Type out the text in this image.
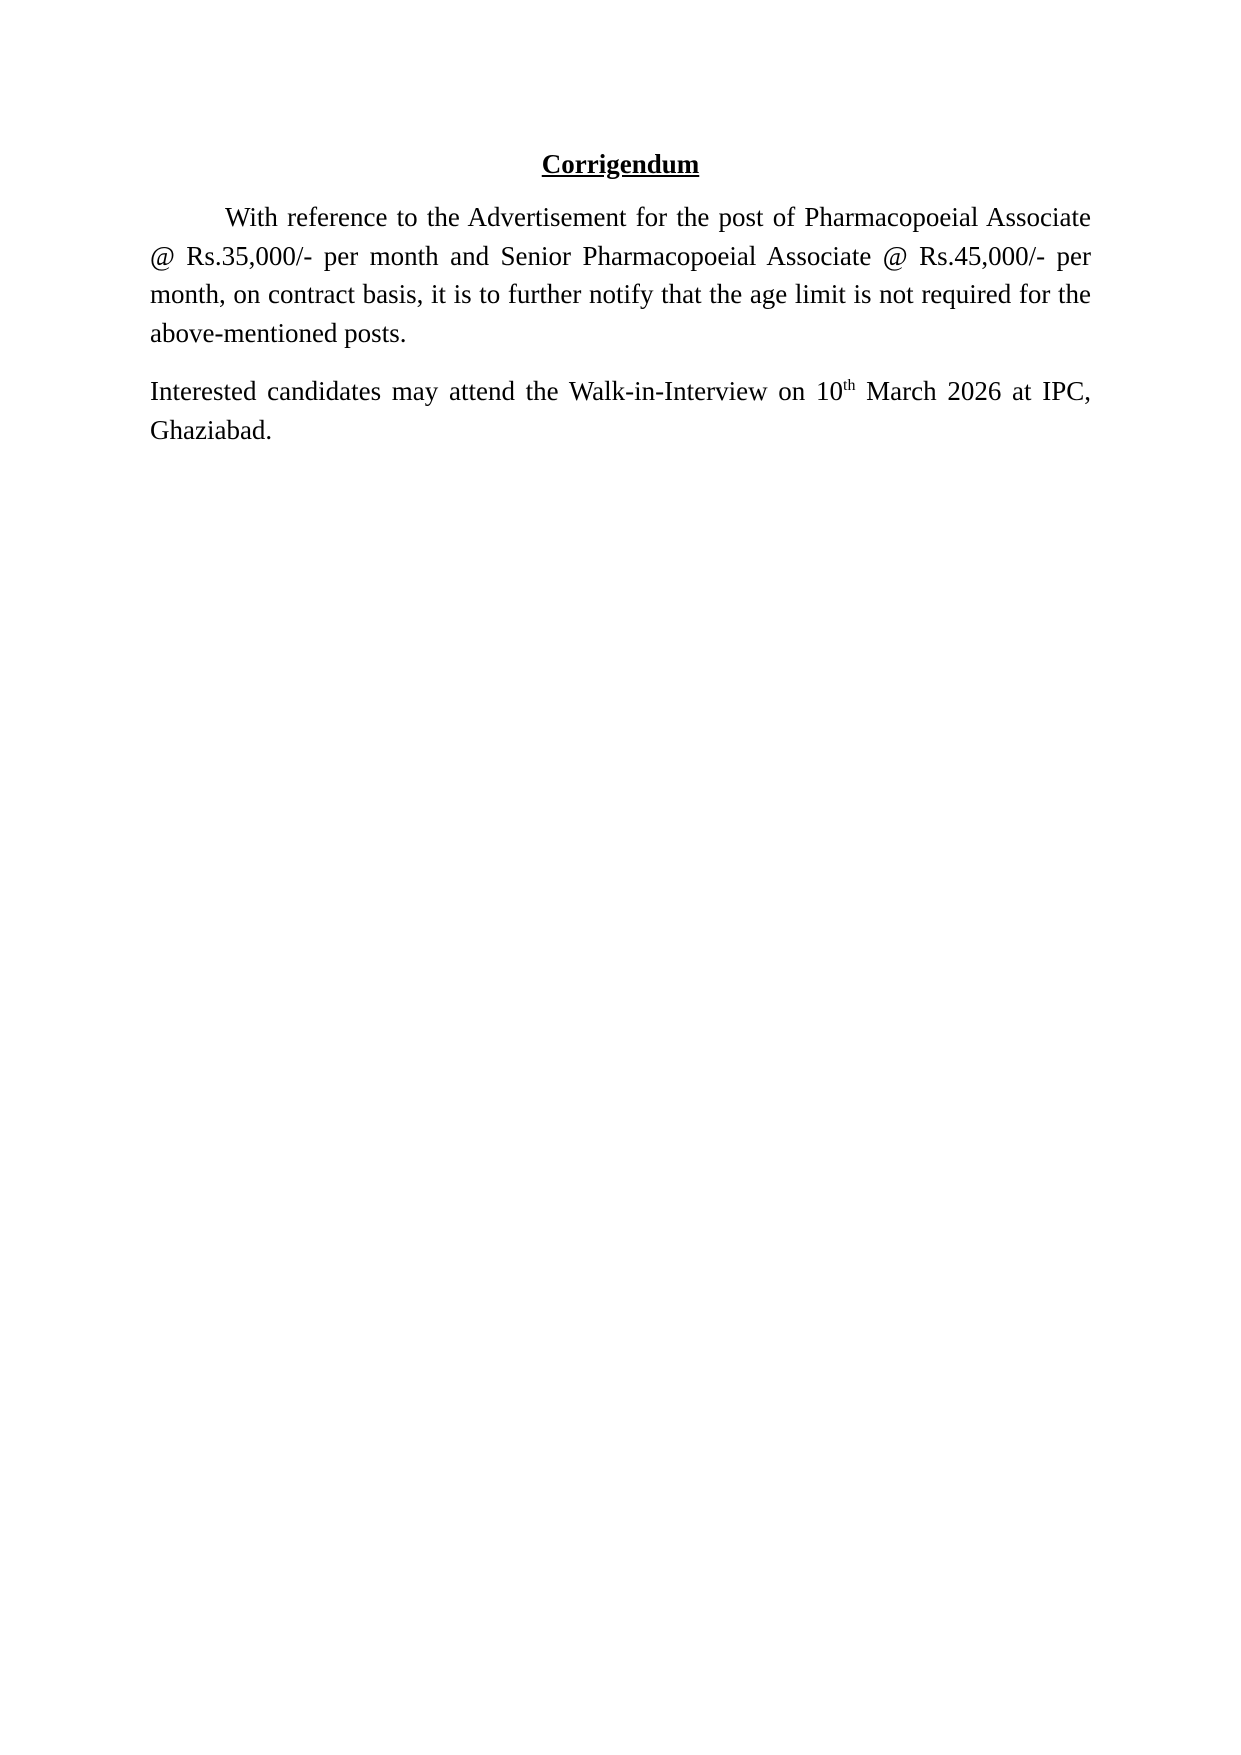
Corrigendum

With reference to the Advertisement for the post of Pharmacopoeial Associate @ Rs.35,000/- per month and Senior Pharmacopoeial Associate @ Rs.45,000/- per month, on contract basis, it is to further notify that the age limit is not required for the above-mentioned posts.

Interested candidates may attend the Walk-in-Interview on 10th March 2026 at IPC, Ghaziabad.
